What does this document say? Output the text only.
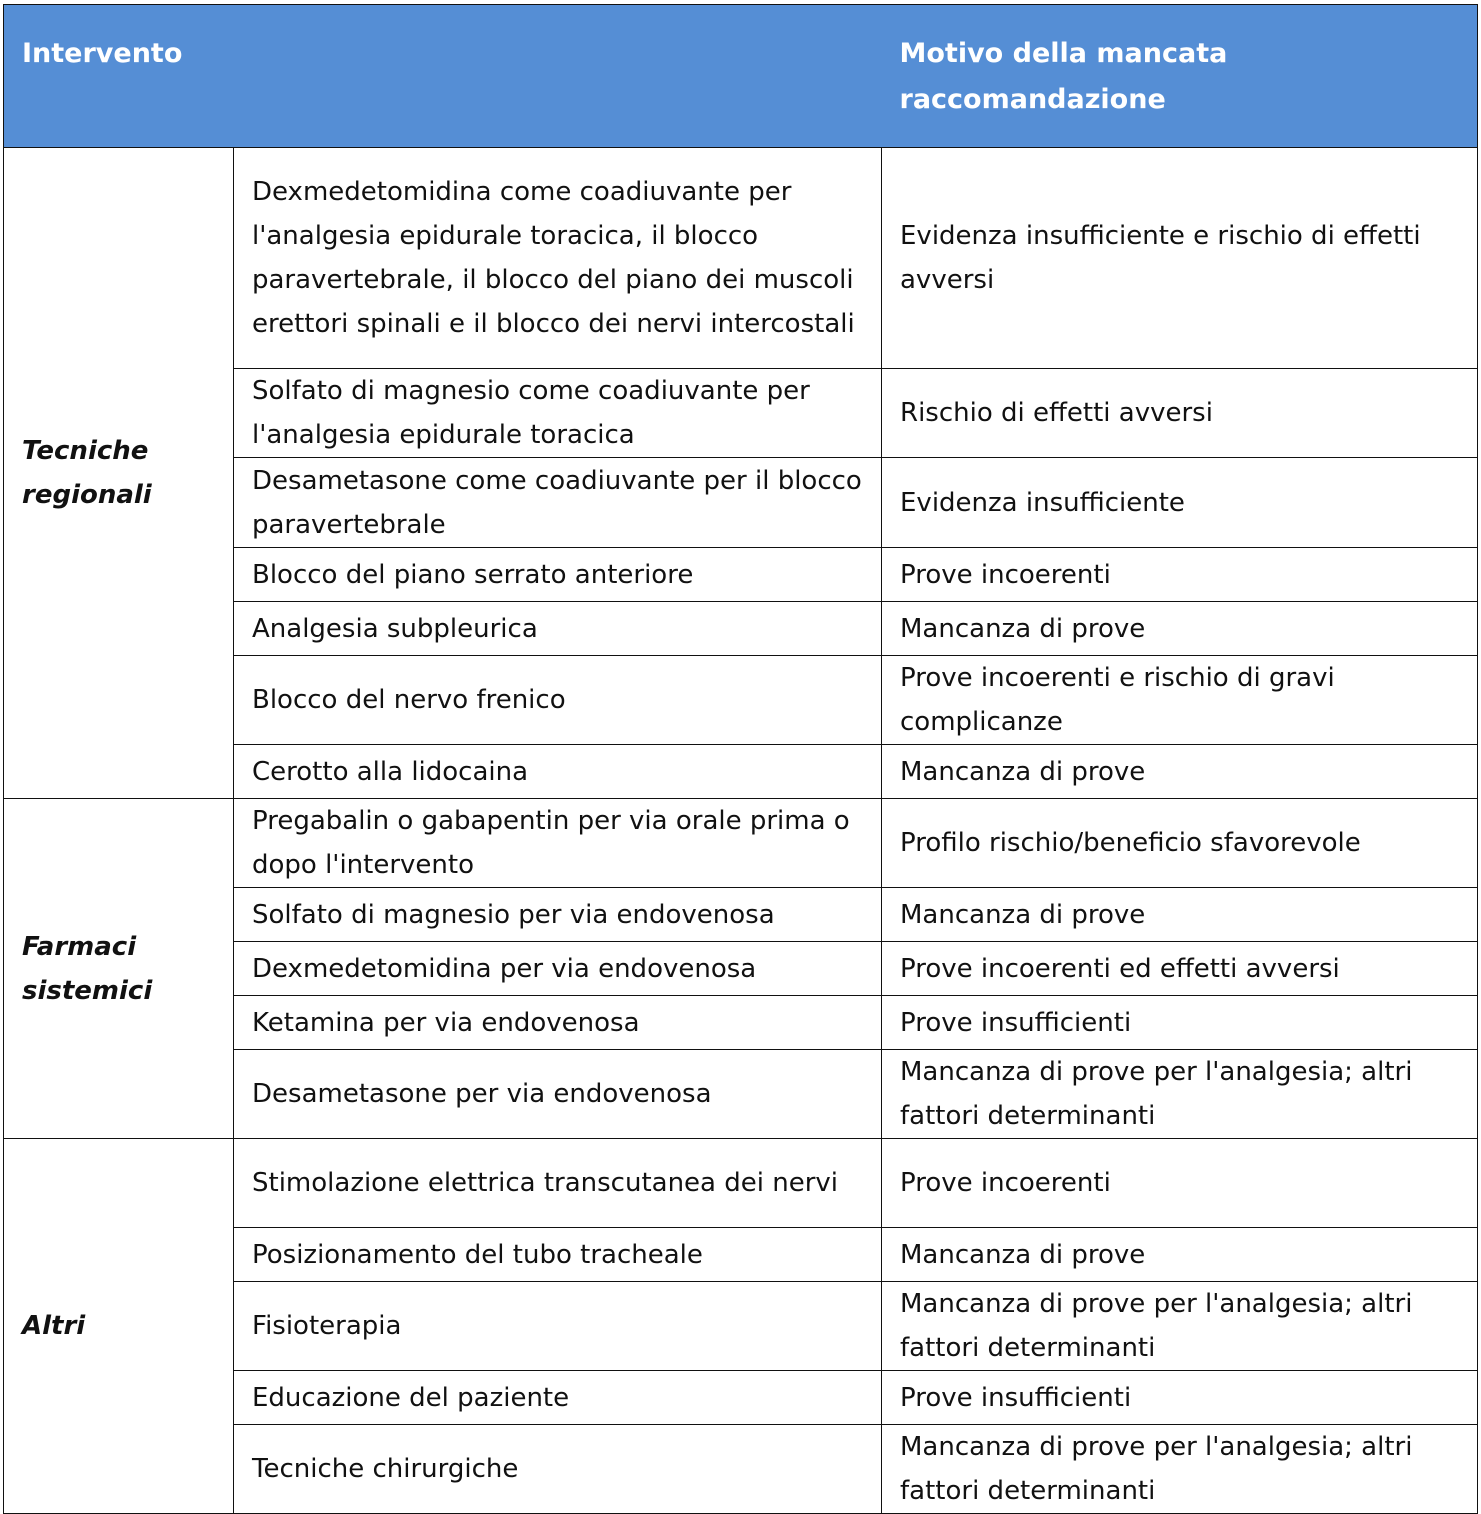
Intervento		Motivo della mancata raccomandazione
Tecniche regionali	Dexmedetomidina come coadiuvante per l'analgesia epidurale toracica, il blocco paravertebrale, il blocco del piano dei muscoli erettori spinali e il blocco dei nervi intercostali	Evidenza insufficiente e rischio di effetti avversi
	Solfato di magnesio come coadiuvante per l'analgesia epidurale toracica	Rischio di effetti avversi
	Desametasone come coadiuvante per il blocco paravertebrale	Evidenza insufficiente
	Blocco del piano serrato anteriore	Prove incoerenti
	Analgesia subpleurica	Mancanza di prove
	Blocco del nervo frenico	Prove incoerenti e rischio di gravi complicanze
	Cerotto alla lidocaina	Mancanza di prove
Farmaci sistemici	Pregabalin o gabapentin per via orale prima o dopo l'intervento	Profilo rischio/beneficio sfavorevole
	Solfato di magnesio per via endovenosa	Mancanza di prove
	Dexmedetomidina per via endovenosa	Prove incoerenti ed effetti avversi
	Ketamina per via endovenosa	Prove insufficienti
	Desametasone per via endovenosa	Mancanza di prove per l'analgesia; altri fattori determinanti
Altri	Stimolazione elettrica transcutanea dei nervi	Prove incoerenti
	Posizionamento del tubo tracheale	Mancanza di prove
	Fisioterapia	Mancanza di prove per l'analgesia; altri fattori determinanti
	Educazione del paziente	Prove insufficienti
	Tecniche chirurgiche	Mancanza di prove per l'analgesia; altri fattori determinanti
